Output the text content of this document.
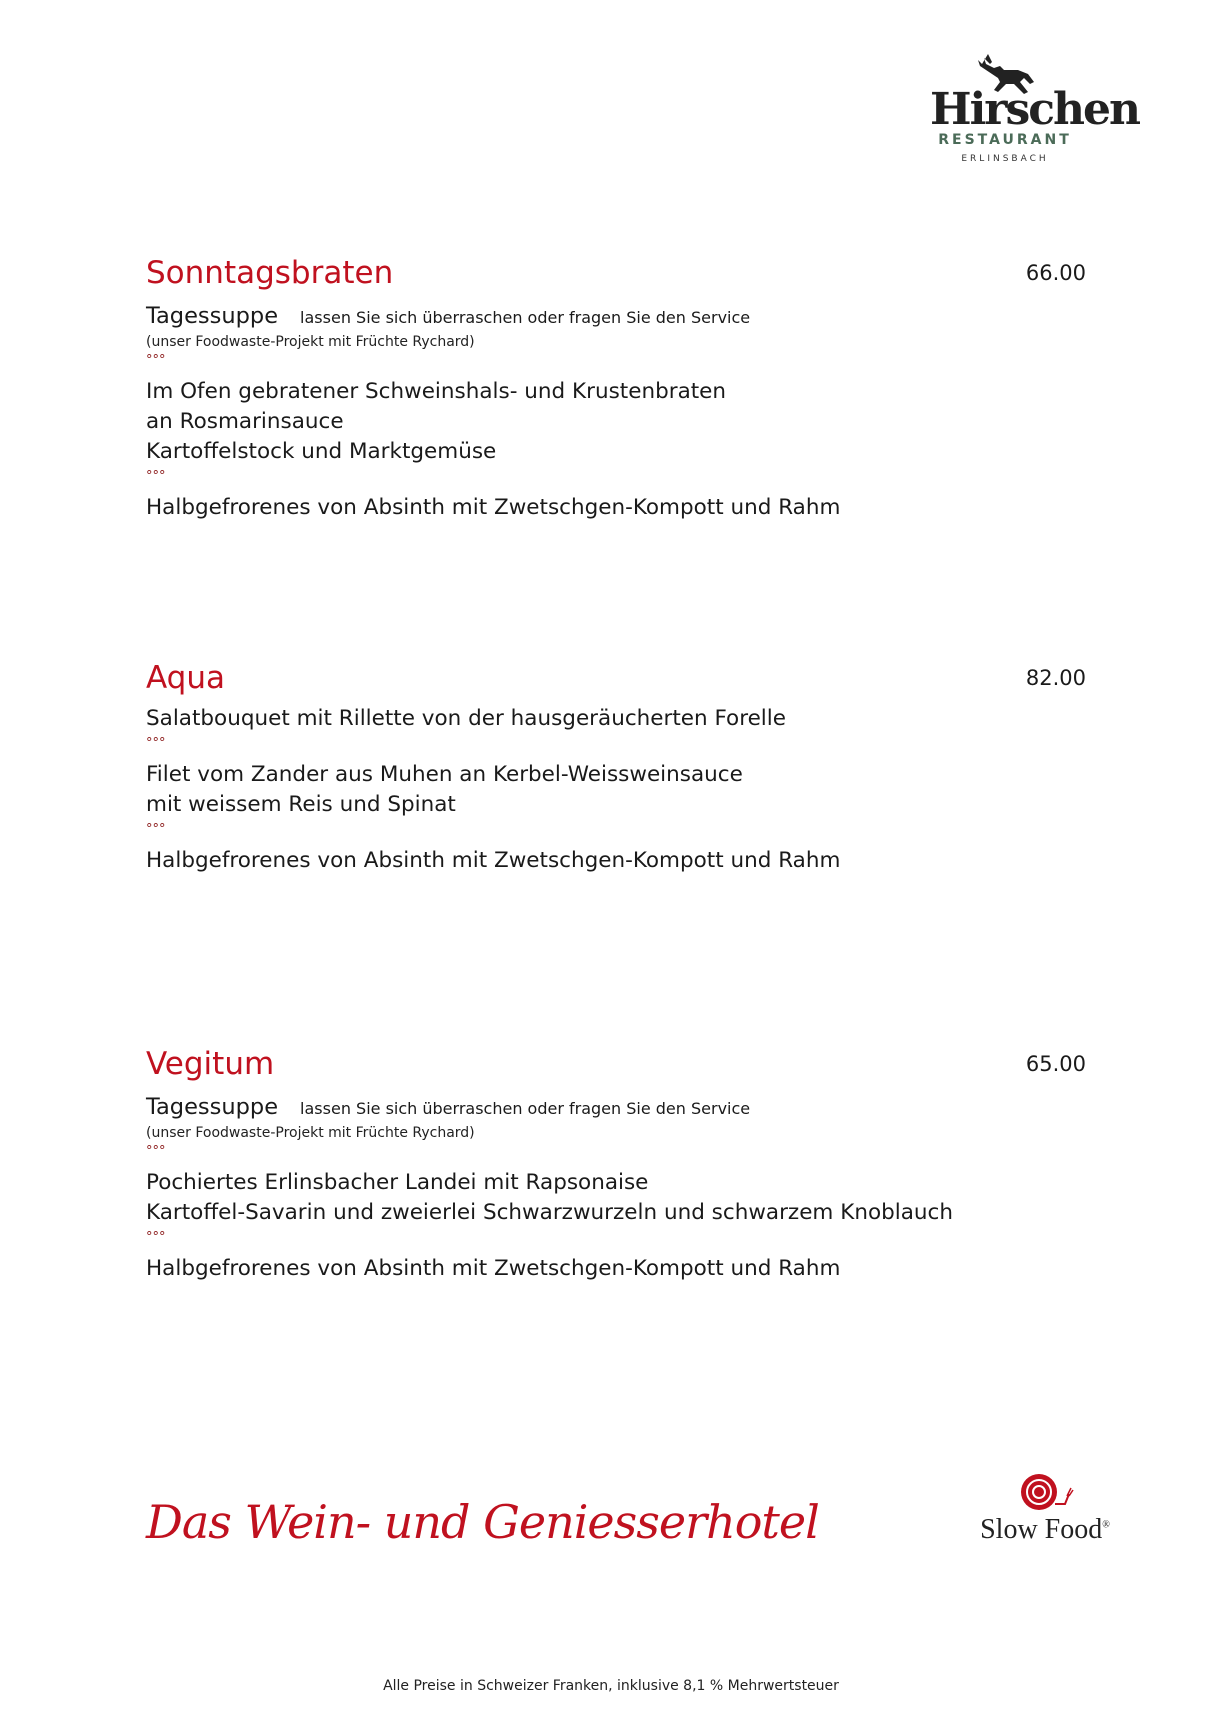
Hirschen
RESTAURANT
ERLINSBACH
Sonntagsbraten	66.00
Tagessuppe lassen Sie sich überraschen oder fragen Sie den Service
(unser Foodwaste-Projekt mit Früchte Rychard)
°°°
Im Ofen gebratener Schweinshals- und Krustenbraten
an Rosmarinsauce
Kartoffelstock und Marktgemüse
°°°
Halbgefrorenes von Absinth mit Zwetschgen-Kompott und Rahm
Aqua	82.00
Salatbouquet mit Rillette von der hausgeräucherten Forelle
°°°
Filet vom Zander aus Muhen an Kerbel-Weissweinsauce
mit weissem Reis und Spinat
°°°
Halbgefrorenes von Absinth mit Zwetschgen-Kompott und Rahm
Vegitum	65.00
Tagessuppe lassen Sie sich überraschen oder fragen Sie den Service
(unser Foodwaste-Projekt mit Früchte Rychard)
°°°
Pochiertes Erlinsbacher Landei mit Rapsonaise
Kartoffel-Savarin und zweierlei Schwarzwurzeln und schwarzem Knoblauch
°°°
Halbgefrorenes von Absinth mit Zwetschgen-Kompott und Rahm
Das Wein- und Geniesserhotel	Slow Food®
Alle Preise in Schweizer Franken, inklusive 8,1 % Mehrwertsteuer
